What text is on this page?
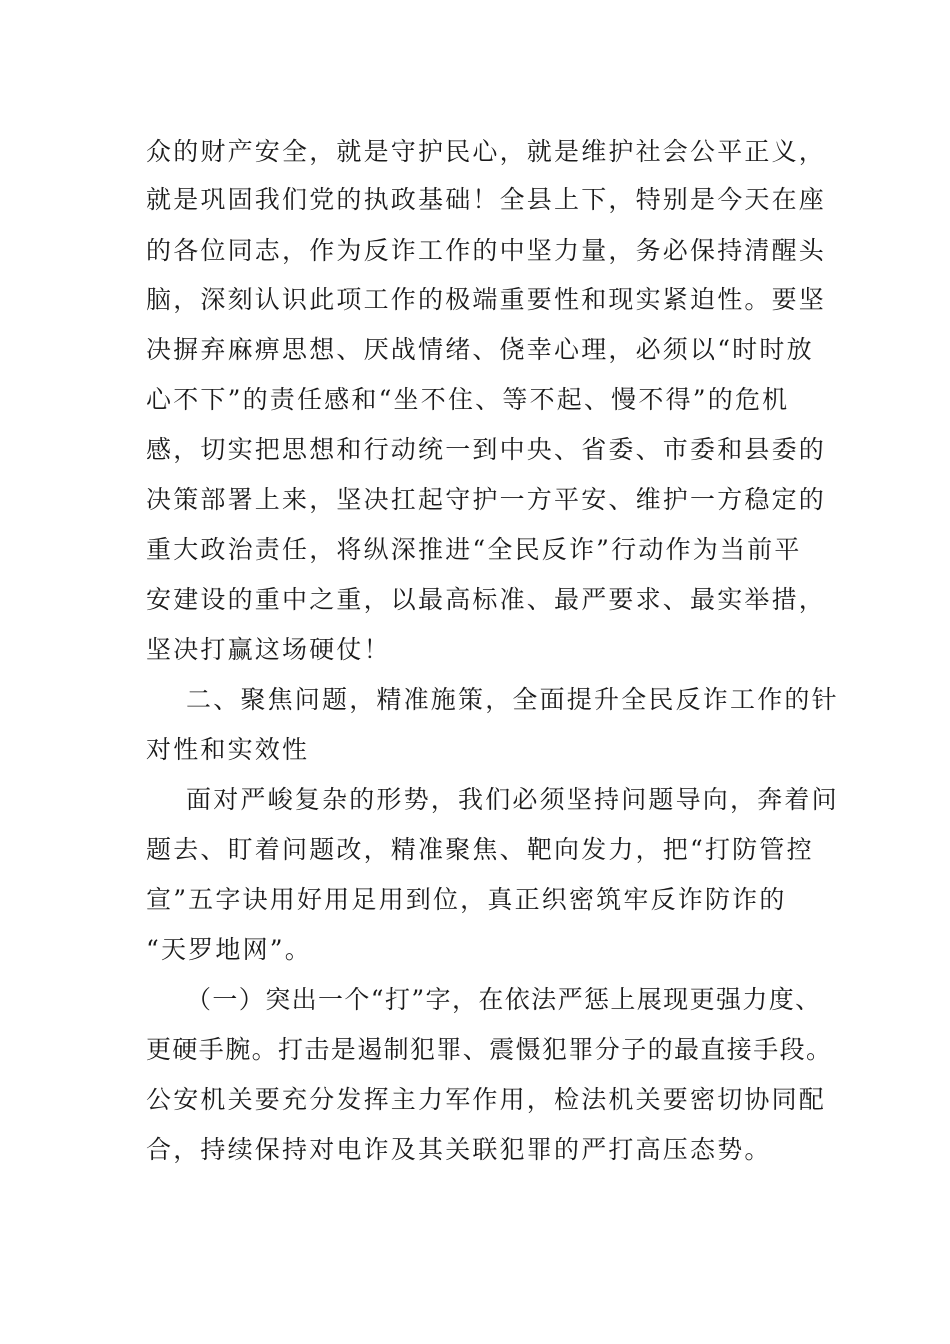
众的财产安全，就是守护民心，就是维护社会公平正义，
就是巩固我们党的执政基础！全县上下，特别是今天在座
的各位同志，作为反诈工作的中坚力量，务必保持清醒头
脑，深刻认识此项工作的极端重要性和现实紧迫性。要坚
决摒弃麻痹思想、厌战情绪、侥幸心理，必须以“时时放
心不下”的责任感和“坐不住、等不起、慢不得”的危机
感，切实把思想和行动统一到中央、省委、市委和县委的
决策部署上来，坚决扛起守护一方平安、维护一方稳定的
重大政治责任，将纵深推进“全民反诈”行动作为当前平
安建设的重中之重，以最高标准、最严要求、最实举措，
坚决打赢这场硬仗！
二、聚焦问题，精准施策，全面提升全民反诈工作的针
对性和实效性
面对严峻复杂的形势，我们必须坚持问题导向，奔着问
题去、盯着问题改，精准聚焦、靶向发力，把“打防管控
宣”五字诀用好用足用到位，真正织密筑牢反诈防诈的
“天罗地网”。
（一）突出一个“打”字，在依法严惩上展现更强力度、
更硬手腕。打击是遏制犯罪、震慑犯罪分子的最直接手段。
公安机关要充分发挥主力军作用，检法机关要密切协同配
合，持续保持对电诈及其关联犯罪的严打高压态势。
